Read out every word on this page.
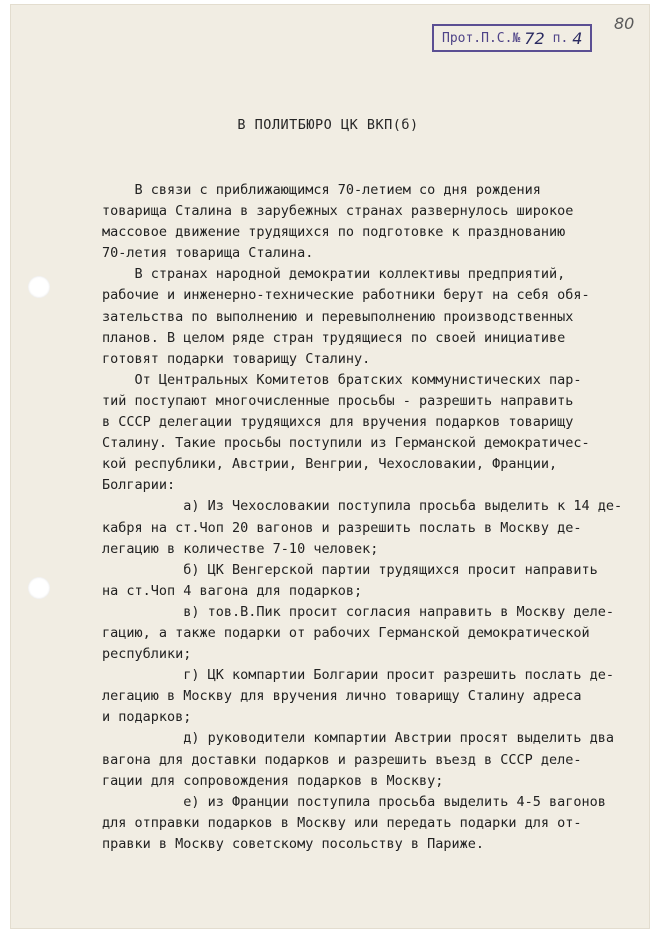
Прот.П.С.№ 72 п. 4
80
В ПОЛИТБЮРО ЦК ВКП(б)
В связи с приближающимся 70-летием со дня рождения
товарища Сталина в зарубежных странах развернулось широкое
массовое движение трудящихся по подготовке к празднованию
70-летия товарища Сталина.
В странах народной демократии коллективы предприятий,
рабочие и инженерно-технические работники берут на себя обя-
зательства по выполнению и перевыполнению производственных
планов. В целом ряде стран трудящиеся по своей инициативе
готовят подарки товарищу Сталину.
От Центральных Комитетов братских коммунистических пар-
тий поступают многочисленные просьбы - разрешить направить
в СССР делегации трудящихся для вручения подарков товарищу
Сталину. Такие просьбы поступили из Германской демократичес-
кой республики, Австрии, Венгрии, Чехословакии, Франции,
Болгарии:
а) Из Чехословакии поступила просьба выделить к 14 де-
кабря на ст.Чоп 20 вагонов и разрешить послать в Москву де-
легацию в количестве 7-10 человек;
б) ЦК Венгерской партии трудящихся просит направить
на ст.Чоп 4 вагона для подарков;
в) тов.В.Пик просит согласия направить в Москву деле-
гацию, а также подарки от рабочих Германской демократической
республики;
г) ЦК компартии Болгарии просит разрешить послать де-
легацию в Москву для вручения лично товарищу Сталину адреса
и подарков;
д) руководители компартии Австрии просят выделить два
вагона для доставки подарков и разрешить въезд в СССР деле-
гации для сопровождения подарков в Москву;
е) из Франции поступила просьба выделить 4-5 вагонов
для отправки подарков в Москву или передать подарки для от-
правки в Москву советскому посольству в Париже.
